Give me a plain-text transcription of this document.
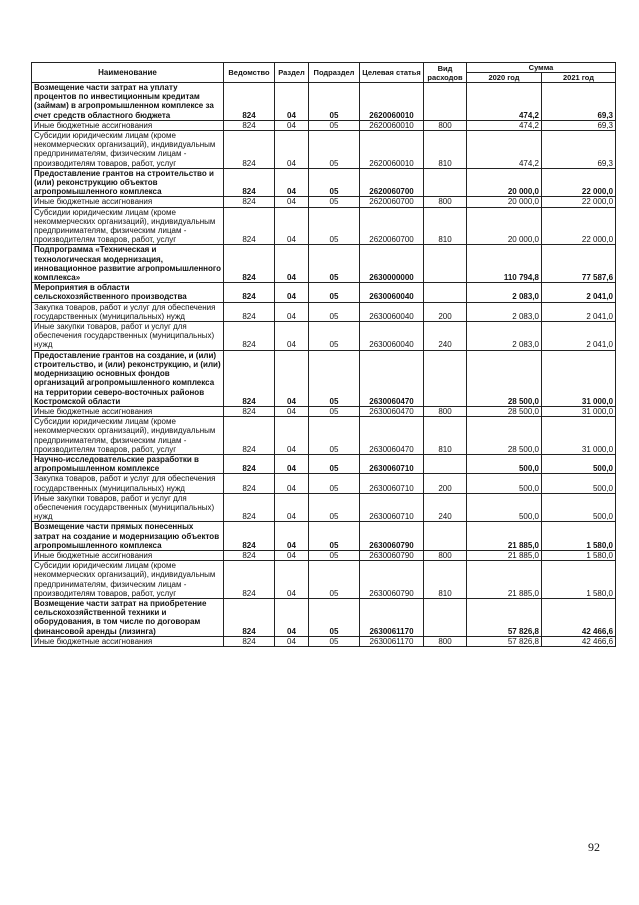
Наименование	Ведомство	Раздел	Подраздел	Целевая статья	Вид расходов	Сумма	
						2020 год	2021 год
Возмещение части затрат на уплату процентов по инвестиционным кредитам (займам) в агропромышленном комплексе за счет средств областного бюджета	824	04	05	2620060010		474,2	69,3
Иные бюджетные ассигнования	824	04	05	2620060010	800	474,2	69,3
Субсидии юридическим лицам (кроме некоммерческих организаций), индивидуальным предпринимателям, физическим лицам - производителям товаров, работ, услуг	824	04	05	2620060010	810	474,2	69,3
Предоставление грантов на строительство и (или) реконструкцию объектов агропромышленного комплекса	824	04	05	2620060700		20 000,0	22 000,0
Иные бюджетные ассигнования	824	04	05	2620060700	800	20 000,0	22 000,0
Субсидии юридическим лицам (кроме некоммерческих организаций), индивидуальным предпринимателям, физическим лицам - производителям товаров, работ, услуг	824	04	05	2620060700	810	20 000,0	22 000,0
Подпрограмма «Техническая и технологическая модернизация, инновационное развитие агропромышленного комплекса»	824	04	05	2630000000		110 794,8	77 587,6
Мероприятия в области сельскохозяйственного производства	824	04	05	2630060040		2 083,0	2 041,0
Закупка товаров, работ и услуг для обеспечения государственных (муниципальных) нужд	824	04	05	2630060040	200	2 083,0	2 041,0
Иные закупки товаров, работ и услуг для обеспечения государственных (муниципальных) нужд	824	04	05	2630060040	240	2 083,0	2 041,0
Предоставление грантов на создание, и (или) строительство, и (или) реконструкцию, и (или) модернизацию основных фондов организаций агропромышленного комплекса на территории северо-восточных районов Костромской области	824	04	05	2630060470		28 500,0	31 000,0
Иные бюджетные ассигнования	824	04	05	2630060470	800	28 500,0	31 000,0
Субсидии юридическим лицам (кроме некоммерческих организаций), индивидуальным предпринимателям, физическим лицам - производителям товаров, работ, услуг	824	04	05	2630060470	810	28 500,0	31 000,0
Научно-исследовательские разработки в агропромышленном комплексе	824	04	05	2630060710		500,0	500,0
Закупка товаров, работ и услуг для обеспечения государственных (муниципальных) нужд	824	04	05	2630060710	200	500,0	500,0
Иные закупки товаров, работ и услуг для обеспечения государственных (муниципальных) нужд	824	04	05	2630060710	240	500,0	500,0
Возмещение части прямых понесенных затрат на создание и модернизацию объектов агропромышленного комплекса	824	04	05	2630060790		21 885,0	1 580,0
Иные бюджетные ассигнования	824	04	05	2630060790	800	21 885,0	1 580,0
Субсидии юридическим лицам (кроме некоммерческих организаций), индивидуальным предпринимателям, физическим лицам - производителям товаров, работ, услуг	824	04	05	2630060790	810	21 885,0	1 580,0
Возмещение части затрат на приобретение сельскохозяйственной техники и оборудования, в том числе по договорам финансовой аренды (лизинга)	824	04	05	2630061170		57 826,8	42 466,6
Иные бюджетные ассигнования	824	04	05	2630061170	800	57 826,8	42 466,6
92
